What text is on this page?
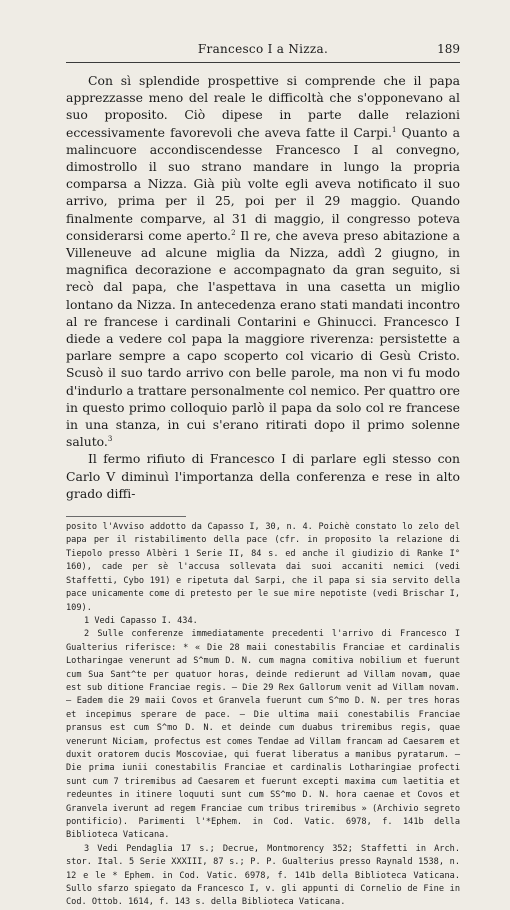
Francesco I a Nizza.	189

Con sì splendide prospettive si comprende che il papa apprezzasse meno del reale le difficoltà che s'opponevano al suo proposito. Ciò dipese in parte dalle relazioni eccessivamente favorevoli che aveva fatte il Carpi.$^1$ Quanto a malincuore accondiscendesse Francesco I al convegno, dimostrollo il suo strano mandare in lungo la propria comparsa a Nizza. Già più volte egli aveva notificato il suo arrivo, prima per il 25, poi per il 29 maggio. Quando finalmente comparve, al 31 di maggio, il congresso poteva considerarsi come aperto.$^2$ Il re, che aveva preso abitazione a Villeneuve ad alcune miglia da Nizza, addì 2 giugno, in magnifica decorazione e accompagnato da gran seguito, si recò dal papa, che l'aspettava in una casetta un miglio lontano da Nizza. In antecedenza erano stati mandati incontro al re francese i cardinali Contarini e Ghinucci. Francesco I diede a vedere col papa la maggiore riverenza: persistette a parlare sempre a capo scoperto col vicario di Gesù Cristo. Scusò il suo tardo arrivo con belle parole, ma non vi fu modo d'indurlo a trattare personalmente col nemico. Per quattro ore in questo primo colloquio parlò il papa da solo col re francese in una stanza, in cui s'erano ritirati dopo il primo solenne saluto.$^3$

Il fermo rifiuto di Francesco I di parlare egli stesso con Carlo V diminuì l'importanza della conferenza e rese in alto grado diffi-

posito l'Avviso addotto da Capasso I, 30, n. 4. Poichè constato lo zelo del papa per il ristabilimento della pace (cfr. in proposito la relazione di Tiepolo presso Albèri 1 Serie II, 84 s. ed anche il giudizio di Ranke I° 160), cade per sè l'accusa sollevata dai suoi accaniti nemici (vedi Staffetti, Cybo 191) e ripetuta dal Sarpi, che il papa si sia servito della pace unicamente come di pretesto per le sue mire nepotiste (vedi Brischar I, 109).

1 Vedi Capasso I. 434.

2 Sulle conferenze immediatamente precedenti l'arrivo di Francesco I Gualterius riferisce: * « Die 28 maii conestabilis Franciae et cardinalis Lotharingae venerunt ad S^mum D. N. cum magna comitiva nobilium et fuerunt cum Sua Sant^te per quatuor horas, deinde redierunt ad Villam novam, quae est sub ditione Franciae regis. — Die 29 Rex Gallorum venit ad Villam novam. — Eadem die 29 maii Covos et Granvela fuerunt cum S^mo D. N. per tres horas et incepimus sperare de pace. — Die ultima maii conestabilis Franciae pransus est cum S^mo D. N. et deinde cum duabus triremibus regis, quae venerunt Niciam, profectus est comes Tendae ad Villam francam ad Caesarem et duxit oratorem ducis Moscoviae, qui fuerat liberatus a manibus pyratarum. — Die prima iunii conestabilis Franciae et cardinalis Lotharingiae profecti sunt cum 7 triremibus ad Caesarem et fuerunt excepti maxima cum laetitia et redeuntes in itinere loquuti sunt cum SS^mo D. N. hora caenae et Covos et Granvela iverunt ad regem Franciae cum tribus triremibus » (Archivio segreto pontificio). Parimenti l'*Ephem. in Cod. Vatic. 6978, f. 141b della Biblioteca Vaticana.

3 Vedi Pendaglia 17 s.; Decrue, Montmorency 352; Staffetti in Arch. stor. Ital. 5 Serie XXXIII, 87 s.; P. P. Gualterius presso Raynald 1538, n. 12 e le * Ephem. in Cod. Vatic. 6978, f. 141b della Biblioteca Vaticana. Sullo sfarzo spiegato da Francesco I, v. gli appunti di Cornelio de Fine in Cod. Ottob. 1614, f. 143 s. della Biblioteca Vaticana.
